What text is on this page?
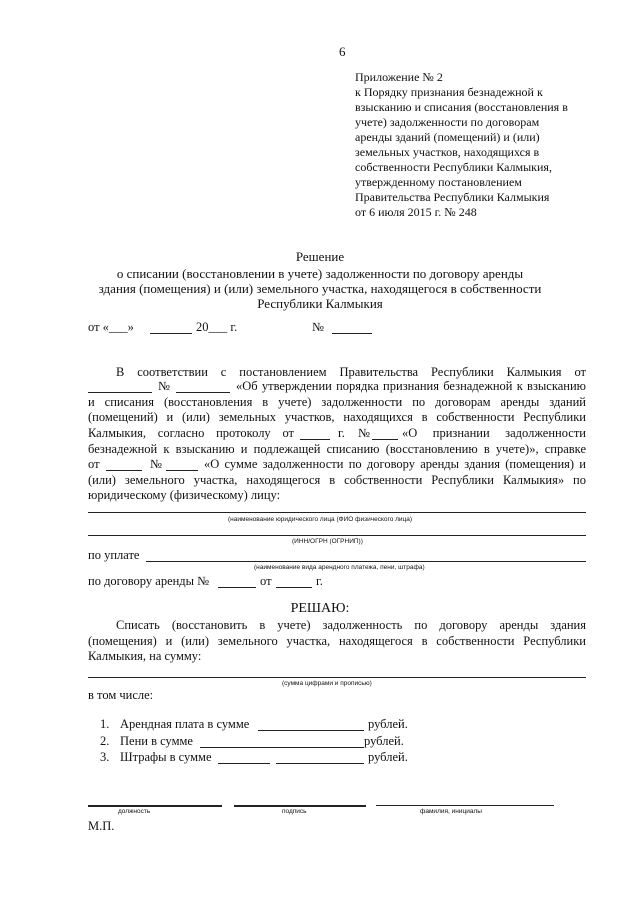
6
Приложение № 2
к Порядку признания безнадежной к
взысканию и списания (восстановления в
учете) задолженности по договорам
аренды зданий (помещений) и (или)
земельных участков, находящихся в
собственности Республики Калмыкия,
утвержденному постановлением
Правительства Республики Калмыкия
от 6 июля 2015 г. № 248
Решение
о списании (восстановлении в учете) задолженности по договору аренды
здания (помещения) и (или) земельного участка, находящегося в собственности
Республики Калмыкия
от «___»	20___ г.	№
В соответствии с постановлением Правительства Республики Калмыкия от
№	«Об утверждении порядка признания безнадежной к взысканию
и списания (восстановления в учете) задолженности по договорам аренды зданий
(помещений) и (или) земельных участков, находящихся в собственности Республики
Калмыкия, согласно протоколу от	г. №	«О признании задолженности
безнадежной к взысканию и подлежащей списанию (восстановлению в учете)», справке
от	№	«О сумме задолженности по договору аренды здания (помещения) и
(или) земельного участка, находящегося в собственности Республики Калмыкия» по
юридическому (физическому) лицу:
(наименование юридического лица (ФИО физического лица)
(ИНН/ОГРН (ОГРНИП))
по уплате
(наименование вида арендного платежа, пени, штрафа)
по договору аренды №	от	г.
РЕШАЮ:
Списать (восстановить в учете) задолженность по договору аренды здания
(помещения) и (или) земельного участка, находящегося в собственности Республики
Калмыкия, на сумму:
(сумма цифрами и прописью)
в том числе:
1. Арендная плата в сумме	рублей.
2. Пени в сумме	рублей.
3. Штрафы в сумме	рублей.
должность	подпись	фамилия, инициалы
М.П.
